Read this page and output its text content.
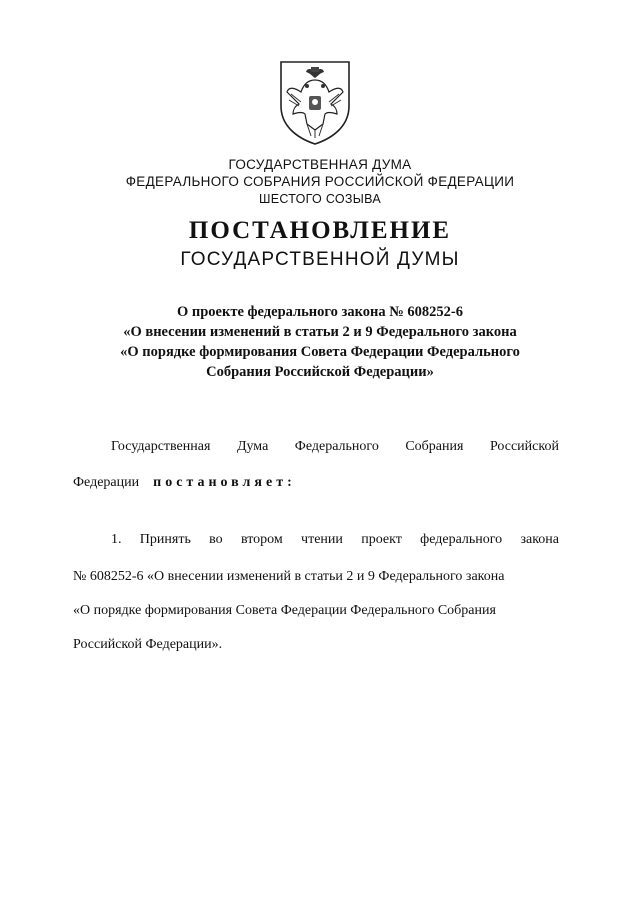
ГОСУДАРСТВЕННАЯ ДУМА
ФЕДЕРАЛЬНОГО СОБРАНИЯ РОССИЙСКОЙ ФЕДЕРАЦИИ
ШЕСТОГО СОЗЫВА
ПОСТАНОВЛЕНИЕ
ГОСУДАРСТВЕННОЙ ДУМЫ
О проекте федерального закона № 608252-6
«О внесении изменений в статьи 2 и 9 Федерального закона
«О порядке формирования Совета Федерации Федерального
Собрания Российской Федерации»
Государственная Дума Федерального Собрания Российской
Федерации постановляет:
1. Принять во втором чтении проект федерального закона
№ 608252-6 «О внесении изменений в статьи 2 и 9 Федерального закона
«О порядке формирования Совета Федерации Федерального Собрания
Российской Федерации».
